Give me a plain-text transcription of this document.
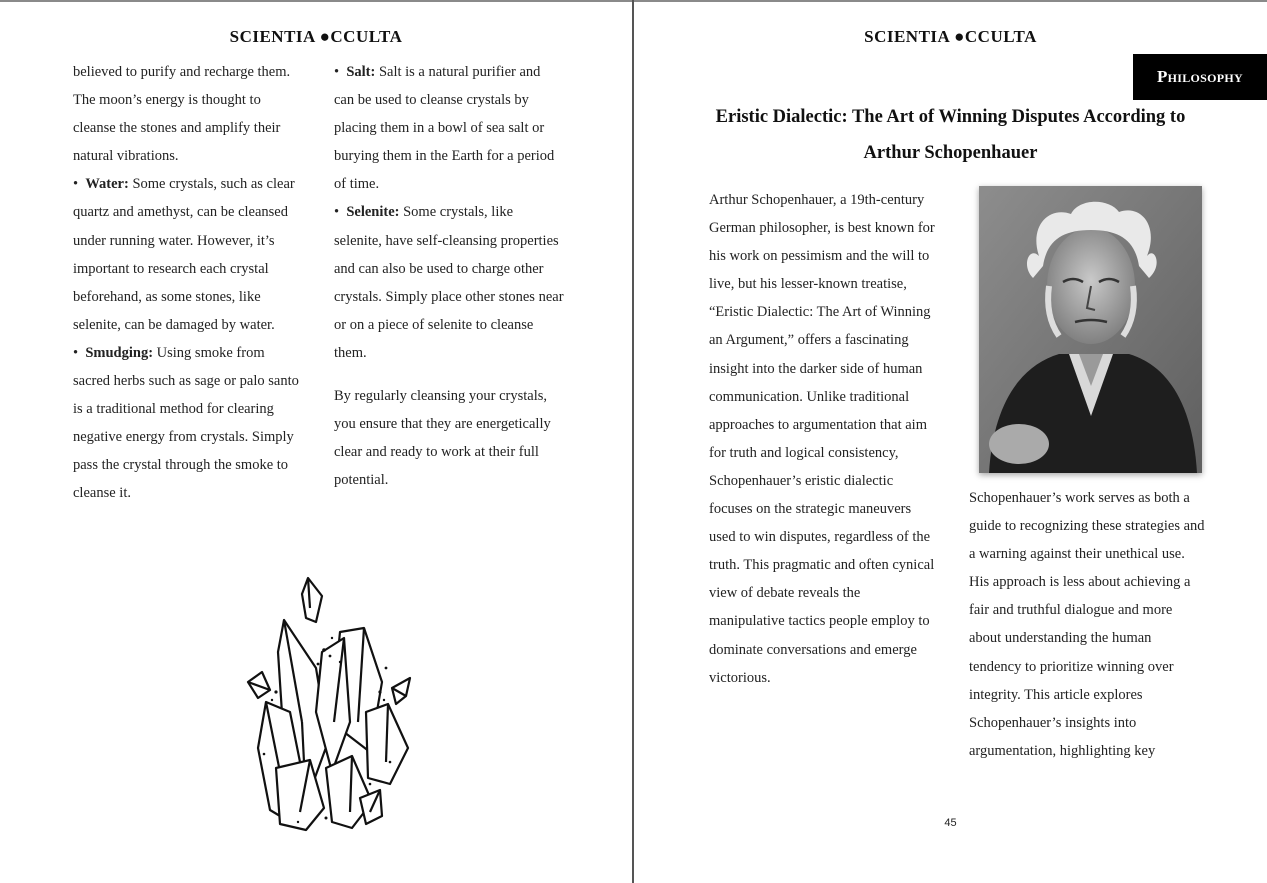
SCIENTIA ●CCULTA

believed to purify and recharge them. The moon’s energy is thought to cleanse the stones and amplify their natural vibrations.

•  Water: Some crystals, such as clear quartz and amethyst, can be cleansed under running water. However, it’s important to research each crystal beforehand, as some stones, like selenite, can be damaged by water.

•  Smudging: Using smoke from sacred herbs such as sage or palo santo is a traditional method for clearing negative energy from crystals. Simply pass the crystal through the smoke to cleanse it.

•  Salt: Salt is a natural purifier and can be used to cleanse crystals by placing them in a bowl of sea salt or burying them in the Earth for a period of time.

•  Selenite: Some crystals, like selenite, have self-cleansing properties and can also be used to charge other crystals. Simply place other stones near or on a piece of selenite to cleanse them.

By regularly cleansing your crystals, you ensure that they are energetically clear and ready to work at their full potential.

SCIENTIA ●CCULTA
Philosophy
Eristic Dialectic: The Art of Winning Disputes According to Arthur Schopenhauer

Arthur Schopenhauer, a 19th-century German philosopher, is best known for his work on pessimism and the will to live, but his lesser-known treatise, “Eristic Dialectic: The Art of Winning an Argument,” offers a fascinating insight into the darker side of human communication. Unlike traditional approaches to argumentation that aim for truth and logical consistency, Schopenhauer’s eristic dialectic focuses on the strategic maneuvers used to win disputes, regardless of the truth. This pragmatic and often cynical view of debate reveals the manipulative tactics people employ to dominate conversations and emerge victorious.

Schopenhauer’s work serves as both a guide to recognizing these strategies and a warning against their unethical use. His approach is less about achieving a fair and truthful dialogue and more about understanding the human tendency to prioritize winning over integrity. This article explores Schopenhauer’s insights into argumentation, highlighting key

45
